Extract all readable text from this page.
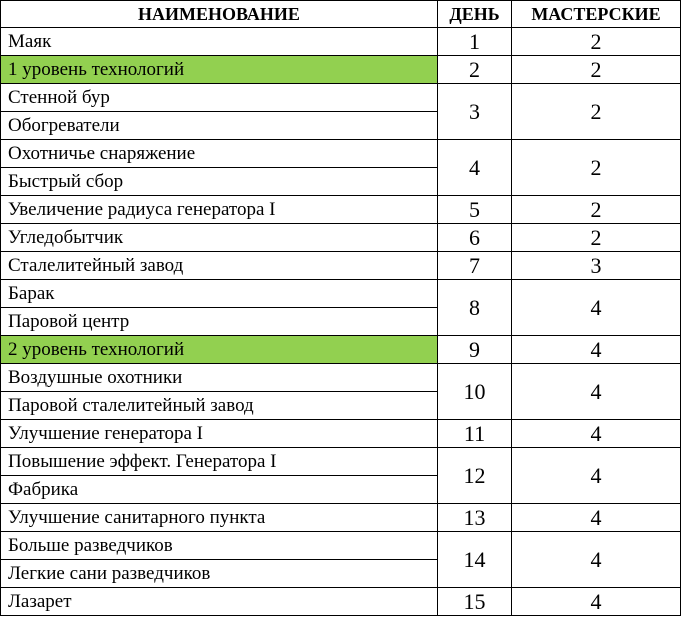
НАИМЕНОВАНИЕ	ДЕНЬ	МАСТЕРСКИЕ
Маяк	1	2
1 уровень технологий	2	2
Стенной бур	3	2
Обогреватели		
Охотничье снаряжение	4	2
Быстрый сбор		
Увеличение радиуса генератора I	5	2
Угледобытчик	6	2
Сталелитейный завод	7	3
Барак	8	4
Паровой центр		
2 уровень технологий	9	4
Воздушные охотники	10	4
Паровой сталелитейный завод		
Улучшение генератора I	11	4
Повышение эффект. Генератора I	12	4
Фабрика		
Улучшение санитарного пункта	13	4
Больше разведчиков	14	4
Легкие сани разведчиков		
Лазарет	15	4
